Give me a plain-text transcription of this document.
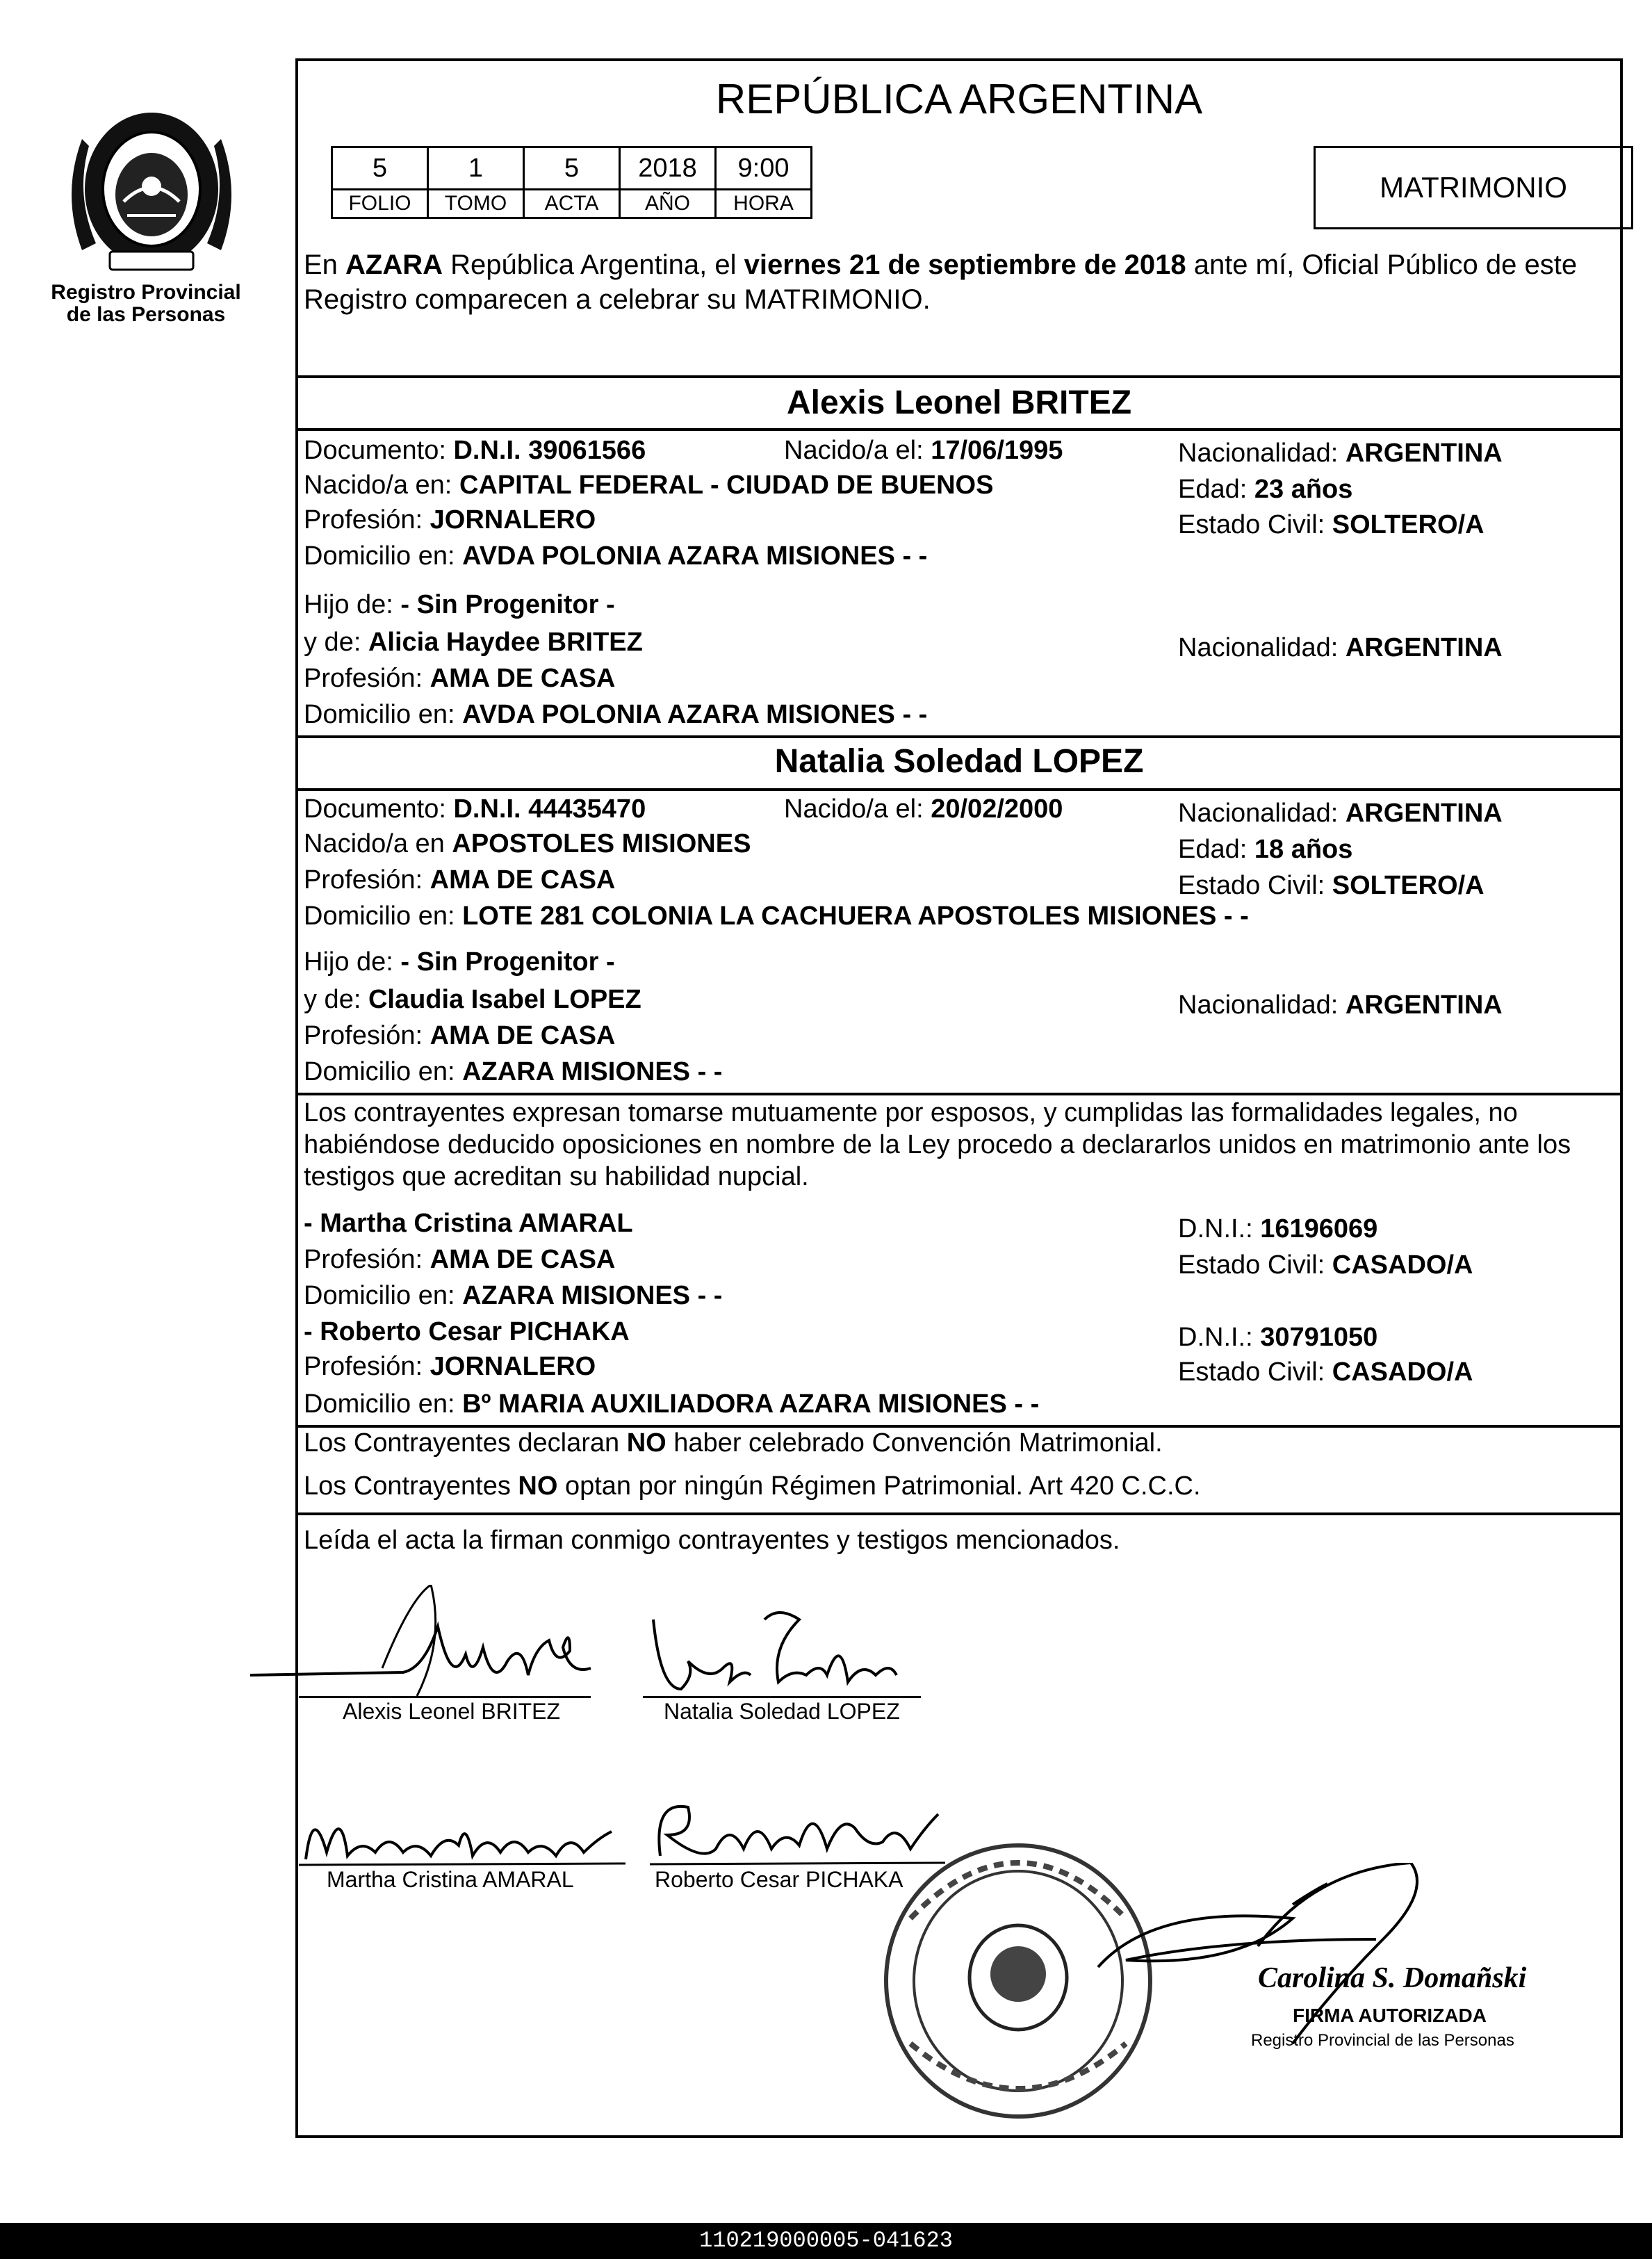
Registro Provincial
de las Personas
REPÚBLICA ARGENTINA
5	1	5	2018	9:00
FOLIO	TOMO	ACTA	AÑO	HORA	MATRIMONIO
En AZARA República Argentina, el viernes 21 de septiembre de 2018 ante mí, Oficial Público de este Registro comparecen a celebrar su MATRIMONIO.
Alexis Leonel BRITEZ
Documento: D.N.I. 39061566	Nacido/a el: 17/06/1995	Nacionalidad: ARGENTINA
Nacido/a en: CAPITAL FEDERAL - CIUDAD DE BUENOS	Edad: 23 años
Profesión: JORNALERO	Estado Civil: SOLTERO/A
Domicilio en: AVDA POLONIA AZARA MISIONES - -
Hijo de: - Sin Progenitor -
y de: Alicia Haydee BRITEZ	Nacionalidad: ARGENTINA
Profesión: AMA DE CASA
Domicilio en: AVDA POLONIA AZARA MISIONES - -
Natalia Soledad LOPEZ
Documento: D.N.I. 44435470	Nacido/a el: 20/02/2000	Nacionalidad: ARGENTINA
Nacido/a en APOSTOLES MISIONES	Edad: 18 años
Profesión: AMA DE CASA	Estado Civil: SOLTERO/A
Domicilio en: LOTE 281 COLONIA LA CACHUERA APOSTOLES MISIONES - -
Hijo de: - Sin Progenitor -
y de: Claudia Isabel LOPEZ	Nacionalidad: ARGENTINA
Profesión: AMA DE CASA
Domicilio en: AZARA MISIONES - -
Los contrayentes expresan tomarse mutuamente por esposos, y cumplidas las formalidades legales, no habiéndose deducido oposiciones en nombre de la Ley procedo a declararlos unidos en matrimonio ante los testigos que acreditan su habilidad nupcial.
- Martha Cristina AMARAL	D.N.I.: 16196069
Profesión: AMA DE CASA	Estado Civil: CASADO/A
Domicilio en: AZARA MISIONES - -
- Roberto Cesar PICHAKA	D.N.I.: 30791050
Profesión: JORNALERO	Estado Civil: CASADO/A
Domicilio en: Bº MARIA AUXILIADORA AZARA MISIONES - -
Los Contrayentes declaran NO haber celebrado Convención Matrimonial.
Los Contrayentes NO optan por ningún Régimen Patrimonial. Art 420 C.C.C.
Leída el acta la firman conmigo contrayentes y testigos mencionados.
Alexis Leonel BRITEZ	Natalia Soledad LOPEZ
Martha Cristina AMARAL	Roberto Cesar PICHAKA
Carolina S. Domañski
FIRMA AUTORIZADA
Registro Provincial de las Personas
110219000005-041623
